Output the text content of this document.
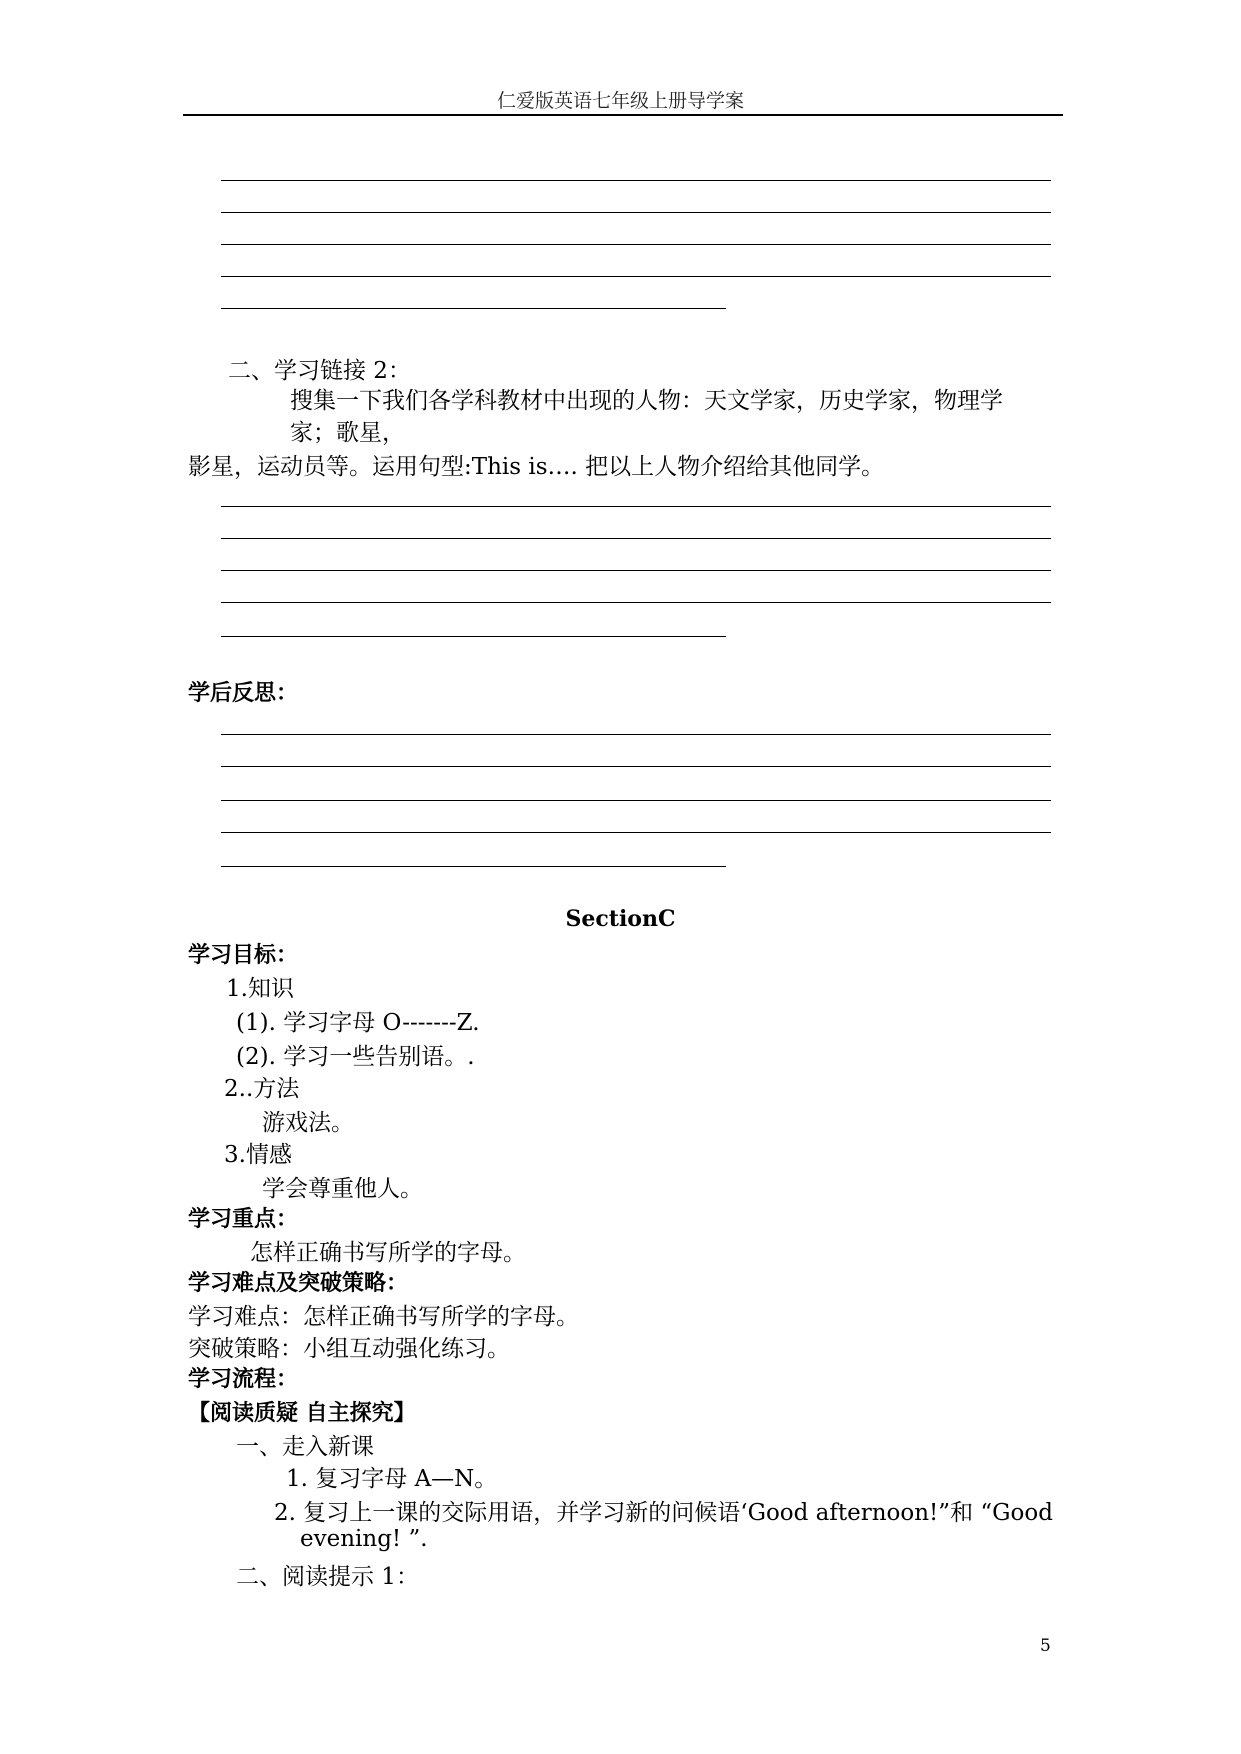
仁爱版英语七年级上册导学案
二、学习链接 2：
搜集一下我们各学科教材中出现的人物：天文学家，历史学家，物理学
家；歌星，
影星，运动员等。运用句型:This is…. 把以上人物介绍给其他同学。
学后反思：
SectionC
学习目标：
1.知识
(1). 学习字母 O-------Z.
(2). 学习一些告别语。.
2..方法
游戏法。
3.情感
学会尊重他人。
学习重点：
怎样正确书写所学的字母。
学习难点及突破策略：
学习难点：怎样正确书写所学的字母。
突破策略：小组互动强化练习。
学习流程：
【阅读质疑 自主探究】
一、走入新课
1. 复习字母 A—N。
2. 复习上一课的交际用语，并学习新的问候语‘Good afternoon!”和 “Good
evening! ”.
二、阅读提示 1：
5
